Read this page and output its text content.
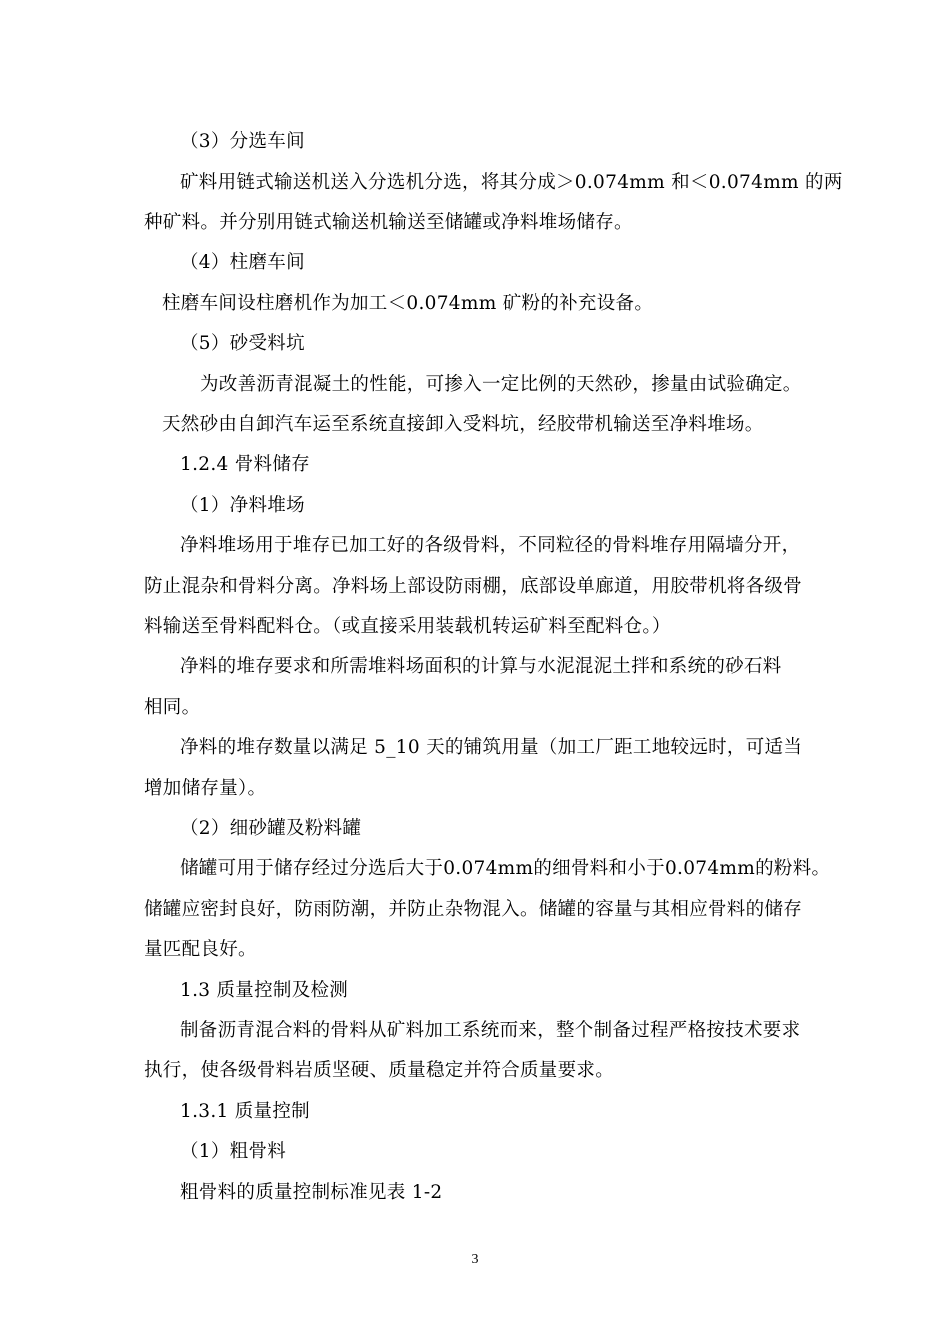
（3）分选车间
矿料用链式输送机送入分选机分选，将其分成＞0.074mm 和＜0.074mm 的两
种矿料。并分别用链式输送机输送至储罐或净料堆场储存。
（4）柱磨车间
柱磨车间设柱磨机作为加工＜0.074mm 矿粉的补充设备。
（5）砂受料坑
为改善沥青混凝土的性能，可掺入一定比例的天然砂，掺量由试验确定。
天然砂由自卸汽车运至系统直接卸入受料坑，经胶带机输送至净料堆场。
1.2.4 骨料储存
（1）净料堆场
净料堆场用于堆存已加工好的各级骨料，不同粒径的骨料堆存用隔墙分开，
防止混杂和骨料分离。净料场上部设防雨棚，底部设单廊道，用胶带机将各级骨
料输送至骨料配料仓。（或直接采用装载机转运矿料至配料仓。）
净料的堆存要求和所需堆料场面积的计算与水泥混泥土拌和系统的砂石料
相同。
净料的堆存数量以满足 5_10 天的铺筑用量（加工厂距工地较远时，可适当
增加储存量）。
（2）细砂罐及粉料罐
储罐可用于储存经过分选后大于0.074mm的细骨料和小于0.074mm的粉料。
储罐应密封良好，防雨防潮，并防止杂物混入。储罐的容量与其相应骨料的储存
量匹配良好。
1.3 质量控制及检测
制备沥青混合料的骨料从矿料加工系统而来，整个制备过程严格按技术要求
执行，使各级骨料岩质坚硬、质量稳定并符合质量要求。
1.3.1 质量控制
（1）粗骨料
粗骨料的质量控制标准见表 1-2
3
